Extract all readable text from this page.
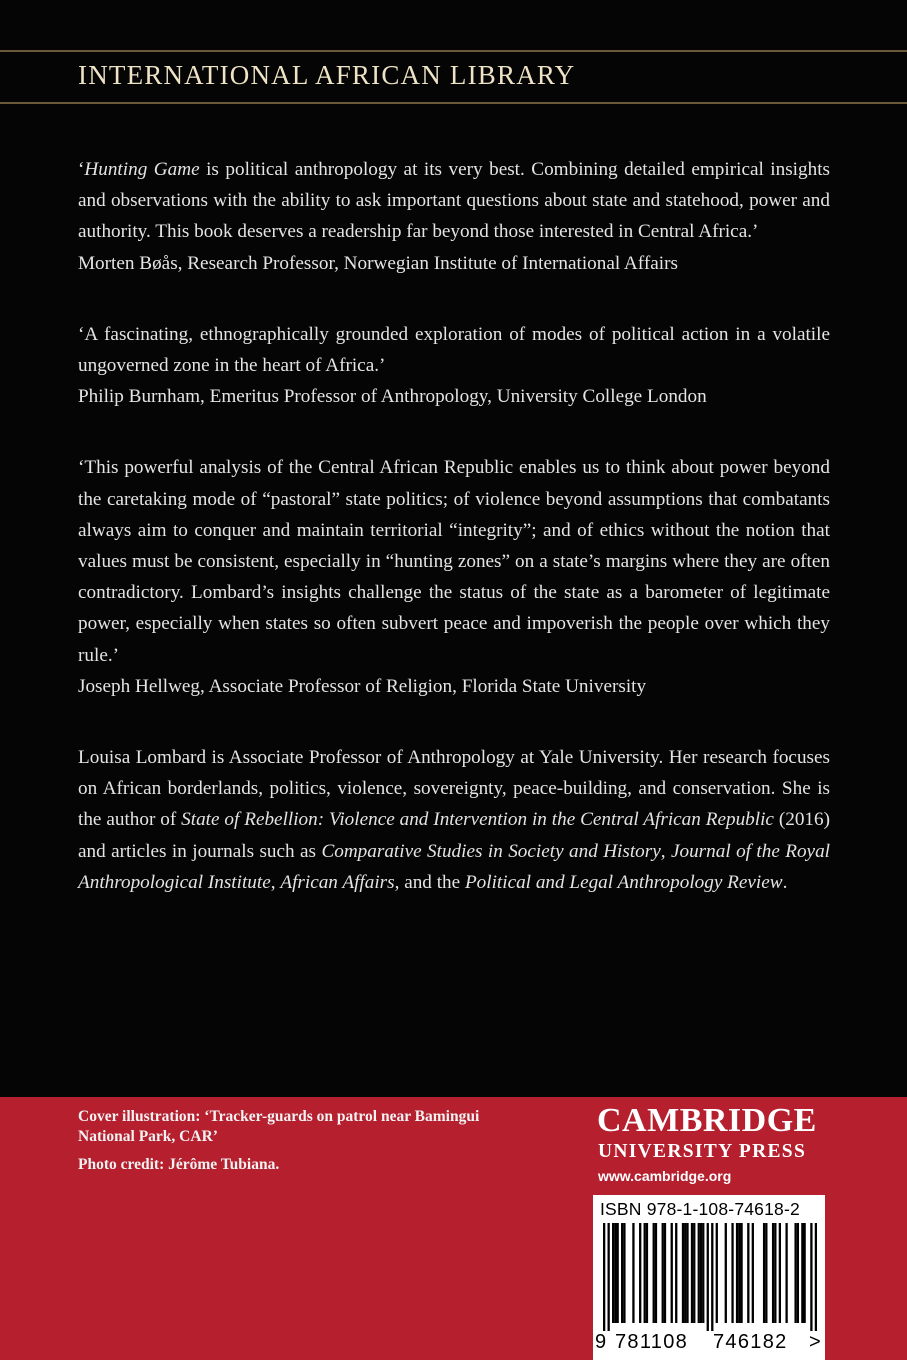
INTERNATIONAL AFRICAN LIBRARY

‘Hunting Game is political anthropology at its very best. Combining detailed empirical insights and observations with the ability to ask important questions about state and statehood, power and authority. This book deserves a readership far beyond those interested in Central Africa.’

Morten Bøås, Research Professor, Norwegian Institute of International Affairs

‘A fascinating, ethnographically grounded exploration of modes of political action in a volatile ungoverned zone in the heart of Africa.’

Philip Burnham, Emeritus Professor of Anthropology, University College London

‘This powerful analysis of the Central African Republic enables us to think about power beyond the caretaking mode of “pastoral” state politics; of violence beyond assumptions that combatants always aim to conquer and maintain territorial “integrity”; and of ethics without the notion that values must be consistent, especially in “hunting zones” on a state’s margins where they are often contradictory. Lombard’s insights challenge the status of the state as a barometer of legitimate power, especially when states so often subvert peace and impoverish the people over which they rule.’

Joseph Hellweg, Associate Professor of Religion, Florida State University

Louisa Lombard is Associate Professor of Anthropology at Yale University. Her research focuses on African borderlands, politics, violence, sovereignty, peace-building, and conservation. She is the author of State of Rebellion: Violence and Intervention in the Central African Republic (2016) and articles in journals such as Comparative Studies in Society and History, Journal of the Royal Anthropological Institute, African Affairs, and the Political and Legal Anthropology Review.

Cover illustration: ‘Tracker-guards on patrol near Bamingui National Park, CAR’
Photo credit: Jérôme Tubiana.
CAMBRIDGE
UNIVERSITY PRESS
www.cambridge.org
ISBN 978-1-108-74618-2
9 781108 746182 >
